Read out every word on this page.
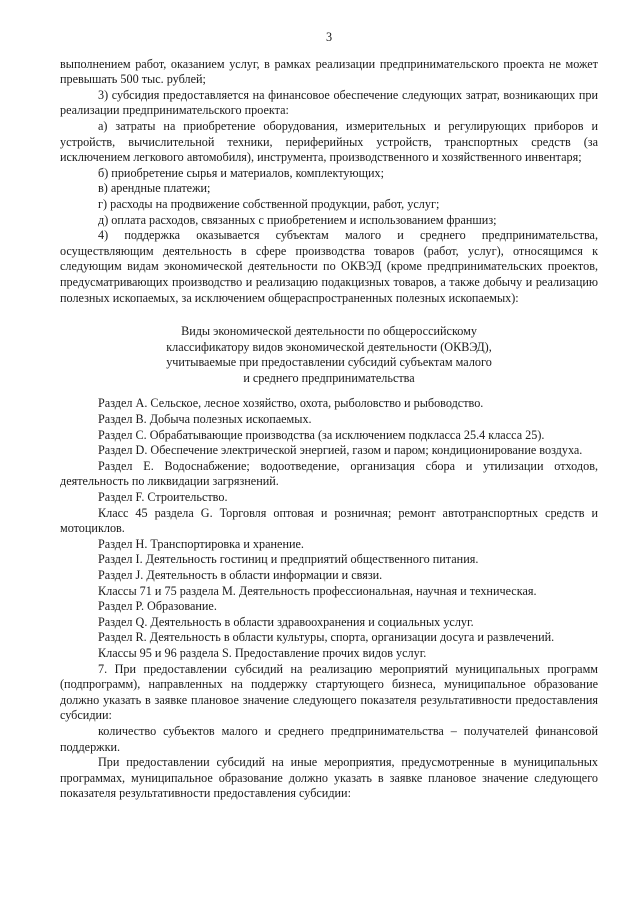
3

выполнением работ, оказанием услуг, в рамках реализации предпринимательского проекта не может превышать 500 тыс. рублей;

3) субсидия предоставляется на финансовое обеспечение следующих затрат, возникающих при реализации предпринимательского проекта:

а) затраты на приобретение оборудования, измерительных и регулирующих приборов и устройств, вычислительной техники, периферийных устройств, транспортных средств (за исключением легкового автомобиля), инструмента, производственного и хозяйственного инвентаря;

б) приобретение сырья и материалов, комплектующих;

в) арендные платежи;

г) расходы на продвижение собственной продукции, работ, услуг;

д) оплата расходов, связанных с приобретением и использованием франшиз;

4) поддержка оказывается субъектам малого и среднего предпринимательства, осуществляющим деятельность в сфере производства товаров (работ, услуг), относящимся к следующим видам экономической деятельности по ОКВЭД (кроме предпринимательских проектов, предусматривающих производство и реализацию подакцизных товаров, а также добычу и реализацию полезных ископаемых, за исключением общераспространенных полезных ископаемых):

Виды экономической деятельности по общероссийскому
классификатору видов экономической деятельности (ОКВЭД),
учитываемые при предоставлении субсидий субъектам малого
и среднего предпринимательства

Раздел A. Сельское, лесное хозяйство, охота, рыболовство и рыбоводство.

Раздел B. Добыча полезных ископаемых.

Раздел C. Обрабатывающие производства (за исключением подкласса 25.4 класса 25).

Раздел D. Обеспечение электрической энергией, газом и паром; кондиционирование воздуха.

Раздел E. Водоснабжение; водоотведение, организация сбора и утилизации отходов, деятельность по ликвидации загрязнений.

Раздел F. Строительство.

Класс 45 раздела G. Торговля оптовая и розничная; ремонт автотранспортных средств и мотоциклов.

Раздел H. Транспортировка и хранение.

Раздел I. Деятельность гостиниц и предприятий общественного питания.

Раздел J. Деятельность в области информации и связи.

Классы 71 и 75 раздела M. Деятельность профессиональная, научная и техническая.

Раздел P. Образование.

Раздел Q. Деятельность в области здравоохранения и социальных услуг.

Раздел R. Деятельность в области культуры, спорта, организации досуга и развлечений.

Классы 95 и 96 раздела S. Предоставление прочих видов услуг.

7. При предоставлении субсидий на реализацию мероприятий муниципальных программ (подпрограмм), направленных на поддержку стартующего бизнеса, муниципальное образование должно указать в заявке плановое значение следующего показателя результативности предоставления субсидии:

количество субъектов малого и среднего предпринимательства – получателей финансовой поддержки.

При предоставлении субсидий на иные мероприятия, предусмотренные в муниципальных программах, муниципальное образование должно указать в заявке плановое значение следующего показателя результативности предоставления субсидии:
